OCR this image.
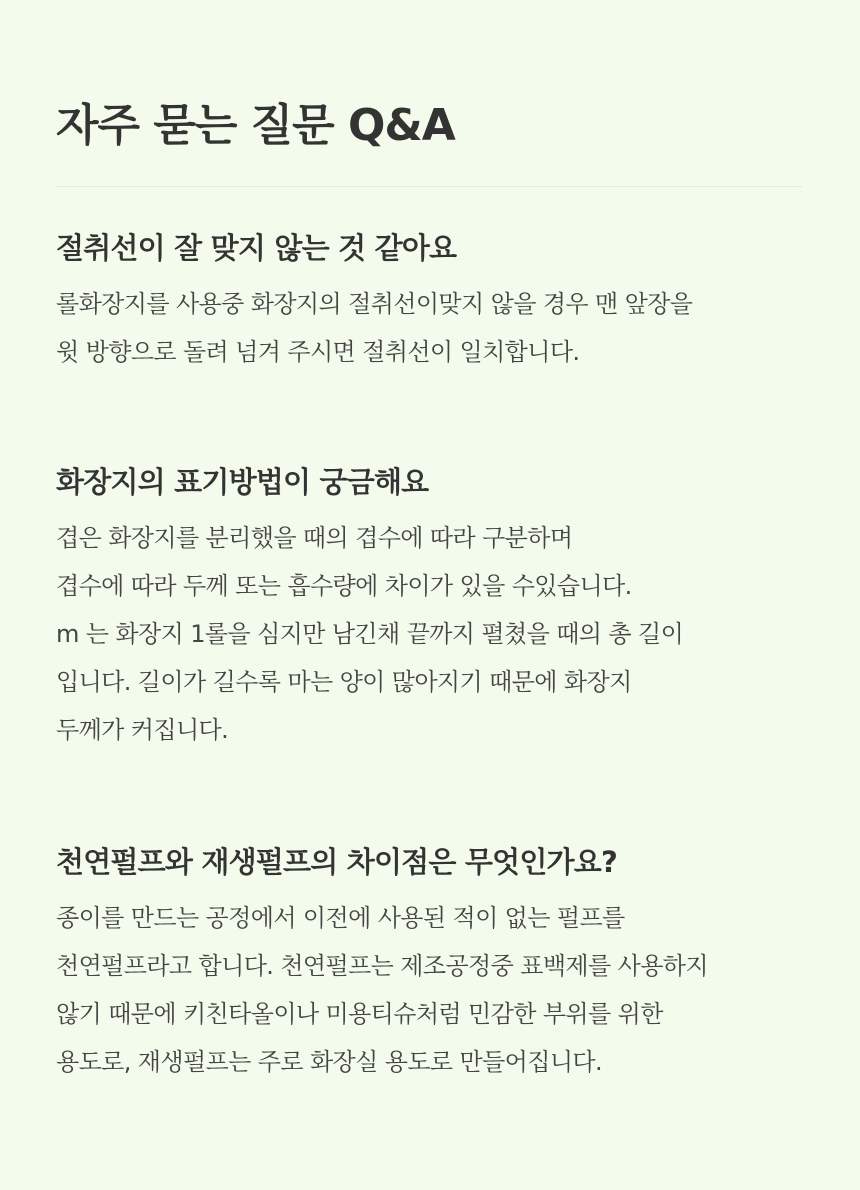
자주 묻는 질문 Q&A
절취선이 잘 맞지 않는 것 같아요

롤화장지를 사용중 화장지의 절취선이맞지 않을 경우 맨 앞장을
윗 방향으로 돌려 넘겨 주시면 절취선이 일치합니다.

화장지의 표기방법이 궁금해요

겹은 화장지를 분리했을 때의 겹수에 따라 구분하며
겹수에 따라 두께 또는 흡수량에 차이가 있을 수있습니다.
m 는 화장지 1롤을 심지만 남긴채 끝까지 펼쳤을 때의 총 길이
입니다. 길이가 길수록 마는 양이 많아지기 때문에 화장지
두께가 커집니다.

천연펄프와 재생펄프의 차이점은 무엇인가요?

종이를 만드는 공정에서 이전에 사용된 적이 없는 펄프를
천연펄프라고 합니다. 천연펄프는 제조공정중 표백제를 사용하지
않기 때문에 키친타올이나 미용티슈처럼 민감한 부위를 위한
용도로, 재생펄프는 주로 화장실 용도로 만들어집니다.
